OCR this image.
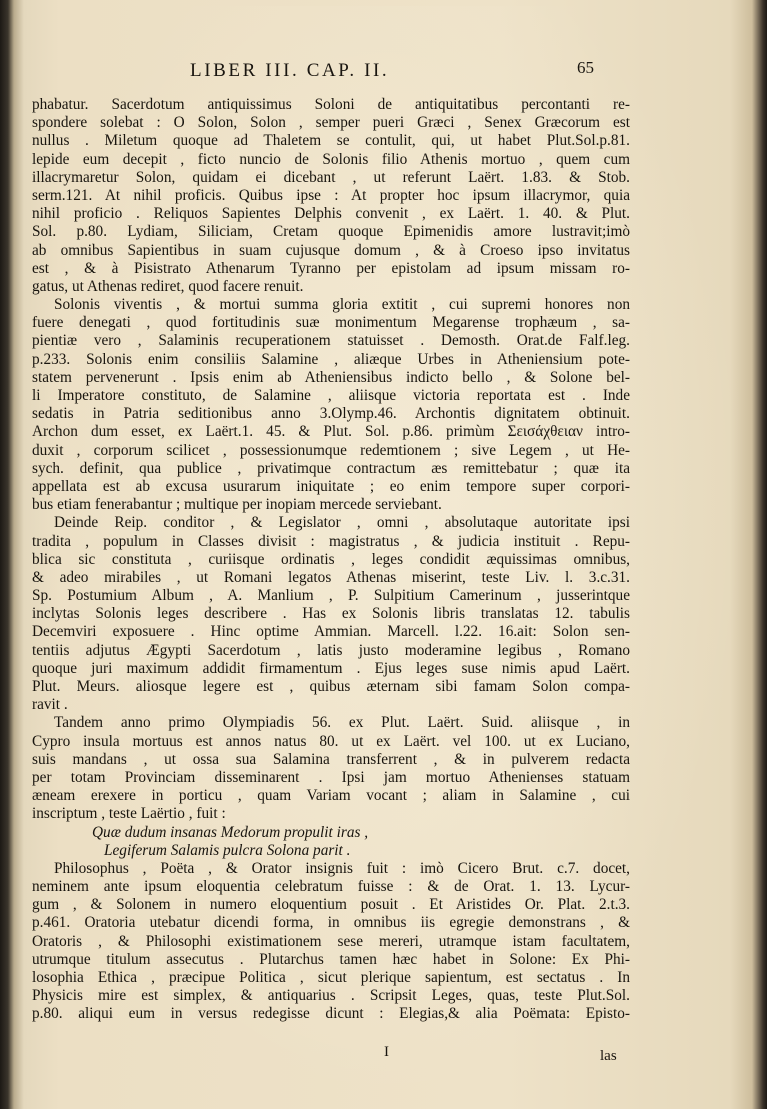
LIBER III. CAP. II.	65
phabatur. Sacerdotum antiquissimus Soloni de antiquitatibus percontanti re-
spondere solebat : O Solon, Solon , semper pueri Græci , Senex Græcorum est
nullus . Miletum quoque ad Thaletem se contulit, qui, ut habet Plut.Sol.p.81.
lepide eum decepit , ficto nuncio de Solonis filio Athenis mortuo , quem cum
illacrymaretur Solon, quidam ei dicebant , ut referunt Laërt. 1.83. & Stob.
serm.121. At nihil proficis. Quibus ipse : At propter hoc ipsum illacrymor, quia
nihil proficio . Reliquos Sapientes Delphis convenit , ex Laërt. 1. 40. & Plut.
Sol. p.80. Lydiam, Siliciam, Cretam quoque Epimenidis amore lustravit;imò
ab omnibus Sapientibus in suam cujusque domum , & à Croeso ipso invitatus
est , & à Pisistrato Athenarum Tyranno per epistolam ad ipsum missam ro-
gatus, ut Athenas rediret, quod facere renuit.
Solonis viventis , & mortui summa gloria extitit , cui supremi honores non
fuere denegati , quod fortitudinis suæ monimentum Megarense trophæum , sa-
pientiæ vero , Salaminis recuperationem statuisset . Demosth. Orat.de Falf.leg.
p.233. Solonis enim consiliis Salamine , aliæque Urbes in Atheniensium pote-
statem pervenerunt . Ipsis enim ab Atheniensibus indicto bello , & Solone bel-
li Imperatore constituto, de Salamine , aliisque victoria reportata est . Inde
sedatis in Patria seditionibus anno 3.Olymp.46. Archontis dignitatem obtinuit.
Archon dum esset, ex Laërt.1. 45. & Plut. Sol. p.86. primùm Σεισάχθειαν intro-
duxit , corporum scilicet , possessionumque redemtionem ; sive Legem , ut He-
sych. definit, qua publice , privatimque contractum æs remittebatur ; quæ ita
appellata est ab excusa usurarum iniquitate ; eo enim tempore super corpori-
bus etiam fenerabantur ; multique per inopiam mercede serviebant.
Deinde Reip. conditor , & Legislator , omni , absolutaque autoritate ipsi
tradita , populum in Classes divisit : magistratus , & judicia instituit . Repu-
blica sic constituta , curiisque ordinatis , leges condidit æquissimas omnibus,
& adeo mirabiles , ut Romani legatos Athenas miserint, teste Liv. l. 3.c.31.
Sp. Postumium Album , A. Manlium , P. Sulpitium Camerinum , jusserintque
inclytas Solonis leges describere . Has ex Solonis libris translatas 12. tabulis
Decemviri exposuere . Hinc optime Ammian. Marcell. l.22. 16.ait: Solon sen-
tentiis adjutus Ægypti Sacerdotum , latis justo moderamine legibus , Romano
quoque juri maximum addidit firmamentum . Ejus leges suse nimis apud Laërt.
Plut. Meurs. aliosque legere est , quibus æternam sibi famam Solon compa-
ravit .
Tandem anno primo Olympiadis 56. ex Plut. Laërt. Suid. aliisque , in
Cypro insula mortuus est annos natus 80. ut ex Laërt. vel 100. ut ex Luciano,
suis mandans , ut ossa sua Salamina transferrent , & in pulverem redacta
per totam Provinciam disseminarent . Ipsi jam mortuo Athenienses statuam
æneam erexere in porticu , quam Variam vocant ; aliam in Salamine , cui
inscriptum , teste Laërtio , fuit :
Quæ dudum insanas Medorum propulit iras ,
Legiferum Salamis pulcra Solona parit .
Philosophus , Poëta , & Orator insignis fuit : imò Cicero Brut. c.7. docet,
neminem ante ipsum eloquentia celebratum fuisse : & de Orat. 1. 13. Lycur-
gum , & Solonem in numero eloquentium posuit . Et Aristides Or. Plat. 2.t.3.
p.461. Oratoria utebatur dicendi forma, in omnibus iis egregie demonstrans , &
Oratoris , & Philosophi existimationem sese mereri, utramque istam facultatem,
utrumque titulum assecutus . Plutarchus tamen hæc habet in Solone: Ex Phi-
losophia Ethica , præcipue Politica , sicut plerique sapientum, est sectatus . In
Physicis mire est simplex, & antiquarius . Scripsit Leges, quas, teste Plut.Sol.
p.80. aliqui eum in versus redegisse dicunt : Elegias,& alia Poëmata: Episto-
I	las
